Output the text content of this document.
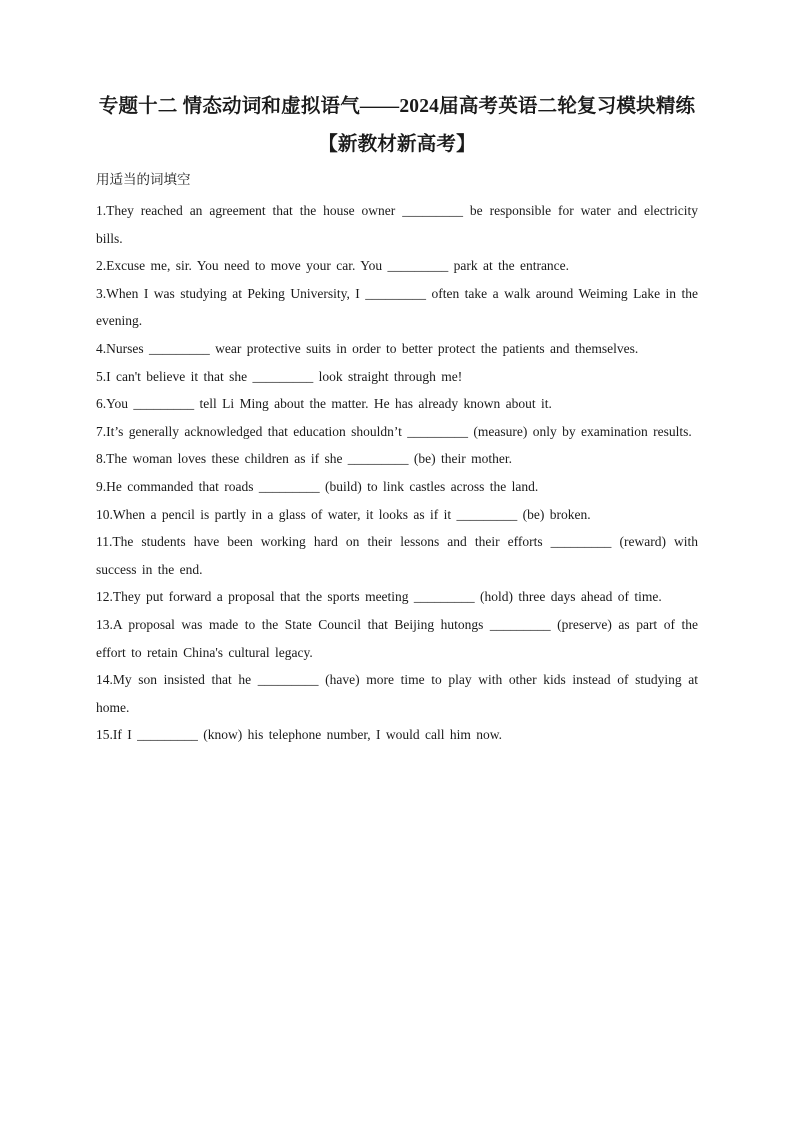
专题十二 情态动词和虚拟语气——2024届高考英语二轮复习模块精练【新教材新高考】
用适当的词填空
1.They reached an agreement that the house owner _________ be responsible for water and electricity bills.
2.Excuse me, sir. You need to move your car. You _________ park at the entrance.
3.When I was studying at Peking University, I _________ often take a walk around Weiming Lake in the evening.
4.Nurses _________ wear protective suits in order to better protect the patients and themselves.
5.I can't believe it that she _________ look straight through me!
6.You _________ tell Li Ming about the matter. He has already known about it.
7.It’s generally acknowledged that education shouldn’t _________ (measure) only by examination results.
8.The woman loves these children as if she _________ (be) their mother.
9.He commanded that roads _________ (build) to link castles across the land.
10.When a pencil is partly in a glass of water, it looks as if it _________ (be) broken.
11.The students have been working hard on their lessons and their efforts _________ (reward) with success in the end.
12.They put forward a proposal that the sports meeting _________ (hold) three days ahead of time.
13.A proposal was made to the State Council that Beijing hutongs _________ (preserve) as part of the effort to retain China's cultural legacy.
14.My son insisted that he _________ (have) more time to play with other kids instead of studying at home.
15.If I _________ (know) his telephone number, I would call him now.
